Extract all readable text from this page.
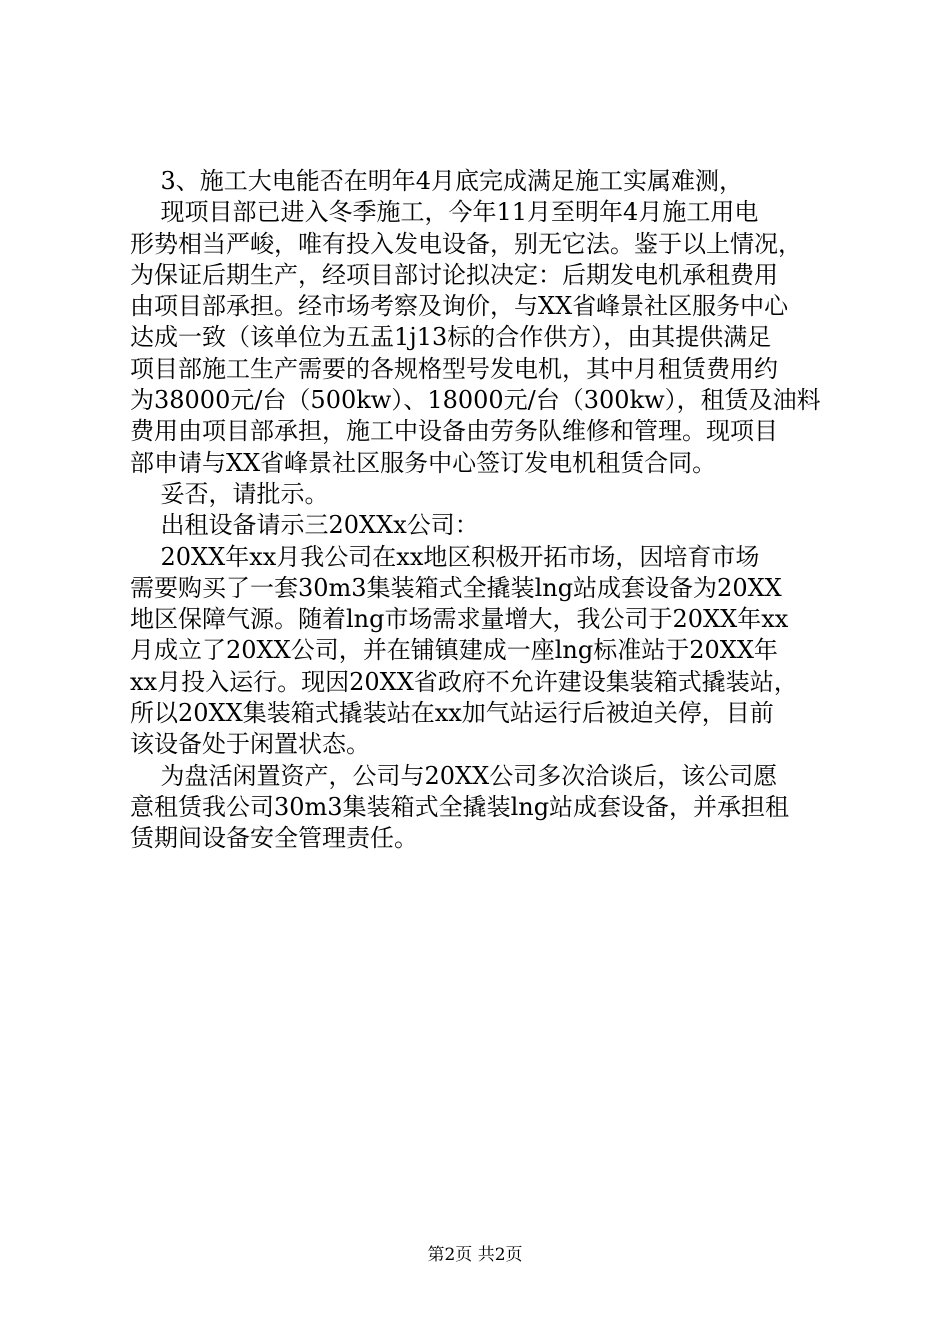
3、施工大电能否在明年4月底完成满足施工实属难测，
现项目部已进入冬季施工，今年11月至明年4月施工用电
形势相当严峻，唯有投入发电设备，别无它法。鉴于以上情况，
为保证后期生产，经项目部讨论拟决定：后期发电机承租费用
由项目部承担。经市场考察及询价，与XX省峰景社区服务中心
达成一致（该单位为五盂1j13标的合作供方），由其提供满足
项目部施工生产需要的各规格型号发电机，其中月租赁费用约
为38000元/台（500kw）、18000元/台（300kw），租赁及油料
费用由项目部承担，施工中设备由劳务队维修和管理。现项目
部申请与XX省峰景社区服务中心签订发电机租赁合同。
妥否，请批示。
出租设备请示三20XXx公司：
20XX年xx月我公司在xx地区积极开拓市场，因培育市场
需要购买了一套30m3集装箱式全撬装lng站成套设备为20XX
地区保障气源。随着lng市场需求量增大，我公司于20XX年xx
月成立了20XX公司，并在铺镇建成一座lng标准站于20XX年
xx月投入运行。现因20XX省政府不允许建设集装箱式撬装站，
所以20XX集装箱式撬装站在xx加气站运行后被迫关停，目前
该设备处于闲置状态。
为盘活闲置资产，公司与20XX公司多次洽谈后，该公司愿
意租赁我公司30m3集装箱式全撬装lng站成套设备，并承担租
赁期间设备安全管理责任。
第2页 共2页
